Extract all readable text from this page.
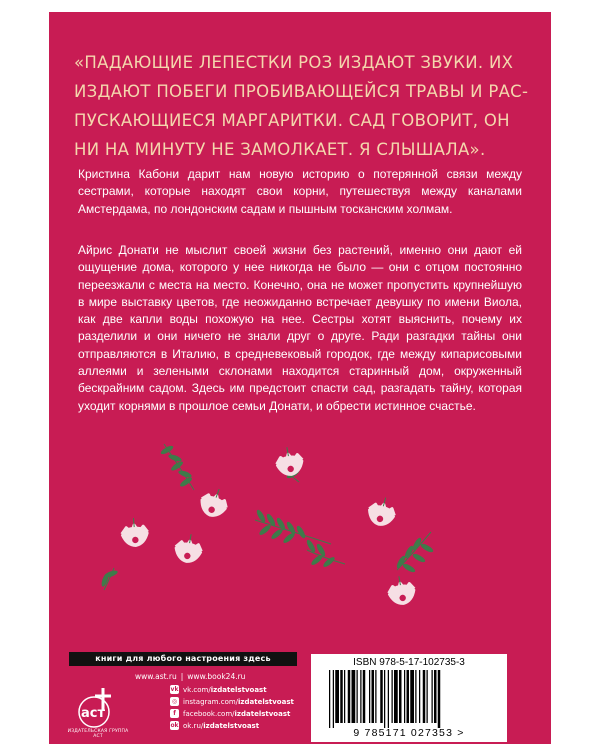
«ПАДАЮЩИЕ ЛЕПЕСТКИ РОЗ ИЗДАЮТ ЗВУКИ. ИХ
ИЗДАЮТ ПОБЕГИ ПРОБИВАЮЩЕЙСЯ ТРАВЫ И РАС-
ПУСКАЮЩИЕСЯ МАРГАРИТКИ. САД ГОВОРИТ, ОН
НИ НА МИНУТУ НЕ ЗАМОЛКАЕТ. Я СЛЫШАЛА».

Кристина Кабони дарит нам новую историю о потерянной связи между сестрами, которые находят свои корни, путешествуя между каналами Амстердама, по лондонским садам и пышным тосканским холмам.

Айрис Донати не мыслит своей жизни без растений, именно они дают ей ощущение дома, которого у нее никогда не было — они с отцом постоянно переезжали с места на место. Конечно, она не может пропустить крупнейшую в мире выставку цветов, где неожиданно встречает девушку по имени Виола, как две капли воды похожую на нее. Сестры хотят выяснить, почему их разделили и они ничего не знали друг о друге. Ради разгадки тайны они отправляются в Италию, в средневековый городок, где между кипарисовыми аллеями и зелеными склонами находится старинный дом, окруженный бескрайним садом. Здесь им предстоит спасти сад, разгадать тайну, которая уходит корнями в прошлое семьи Донати, и обрести истинное счастье.

книги для любого настроения здесь
www.ast.ru | www.book24.ru
аст
ИЗДАТЕЛЬСКАЯ ГРУППА АСТ
vk vk.com/ izdatelstvoast
◎ instagram.com/ izdatelstvoast
f	facebook.com/ izdatelstvoast
ok ok.ru/ izdatelstvoast
ISBN 978-5-17-102735-3
9 785171 027353 >
